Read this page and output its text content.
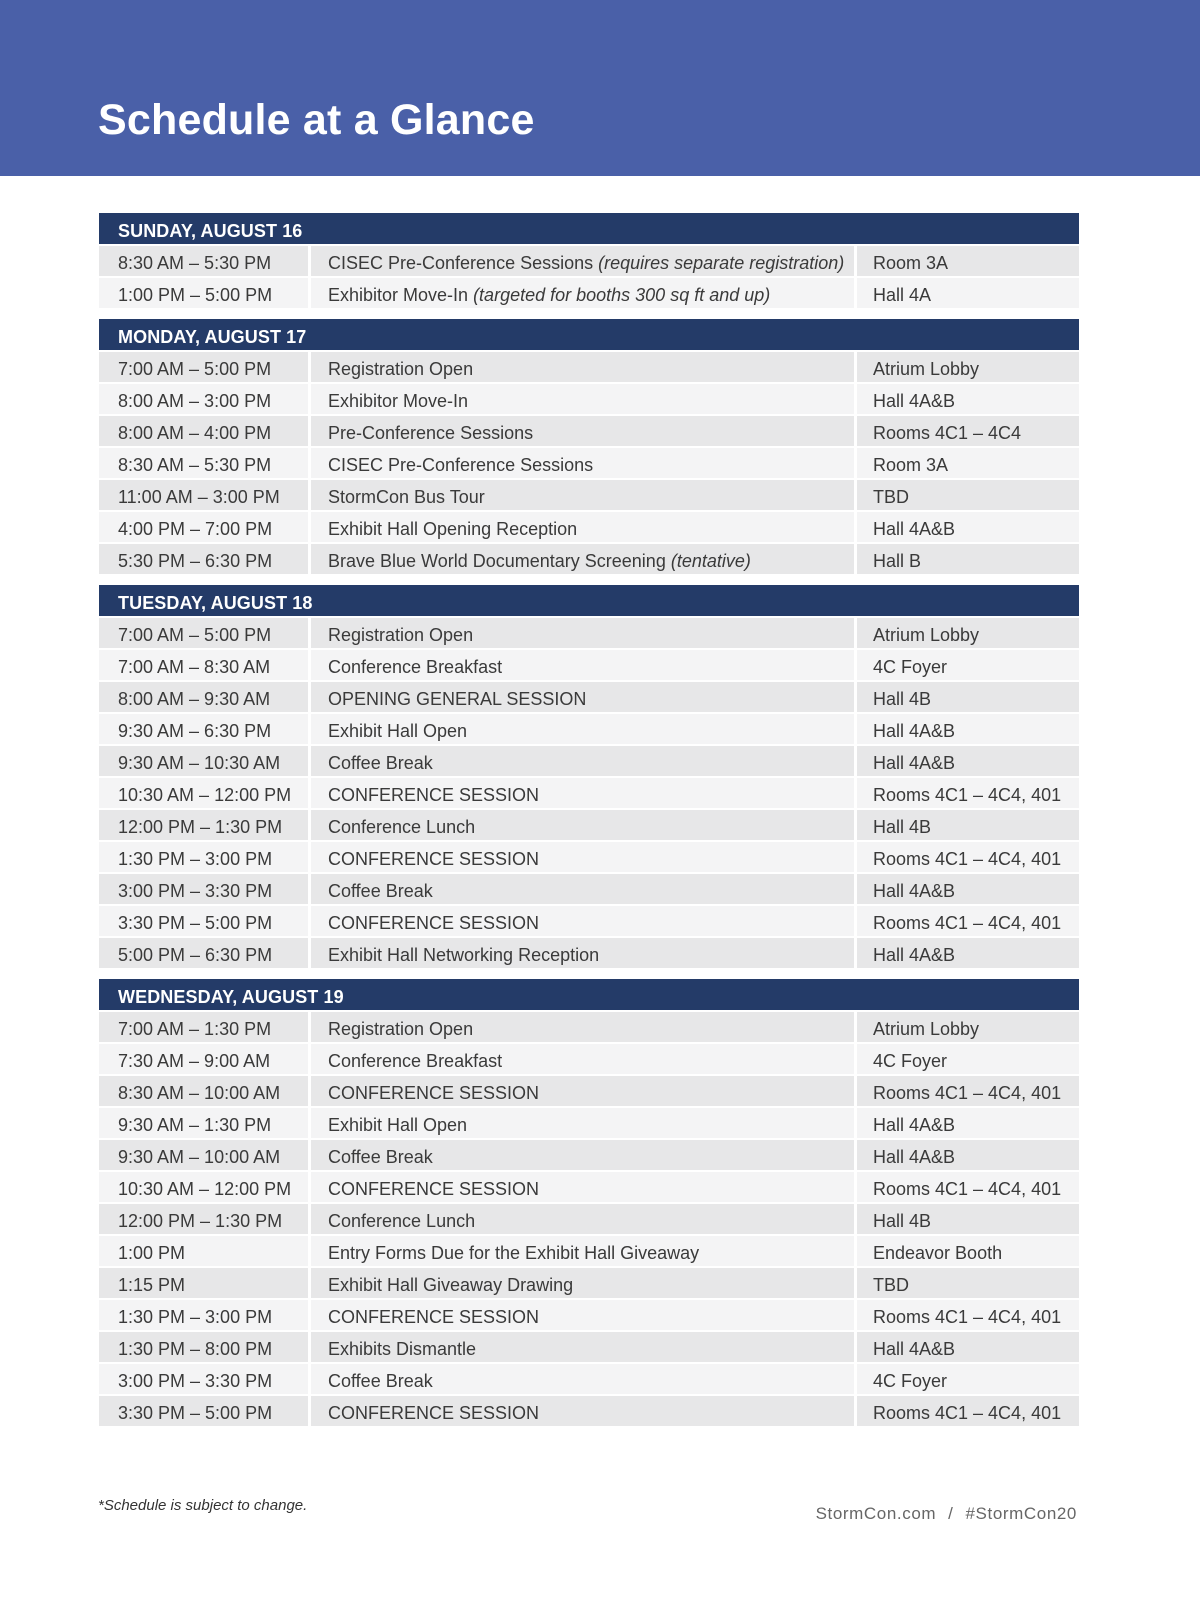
Schedule at a Glance
SUNDAY, AUGUST 16
8:30 AM – 5:30 PM	CISEC Pre-Conference Sessions (requires separate registration)	Room 3A
1:00 PM – 5:00 PM	Exhibitor Move-In (targeted for booths 300 sq ft and up)	Hall 4A
MONDAY, AUGUST 17
7:00 AM – 5:00 PM	Registration Open	Atrium Lobby
8:00 AM – 3:00 PM	Exhibitor Move-In	Hall 4A&B
8:00 AM – 4:00 PM	Pre-Conference Sessions	Rooms 4C1 – 4C4
8:30 AM – 5:30 PM	CISEC Pre-Conference Sessions	Room 3A
11:00 AM – 3:00 PM	StormCon Bus Tour	TBD
4:00 PM – 7:00 PM	Exhibit Hall Opening Reception	Hall 4A&B
5:30 PM – 6:30 PM	Brave Blue World Documentary Screening (tentative)	Hall B
TUESDAY, AUGUST 18
7:00 AM – 5:00 PM	Registration Open	Atrium Lobby
7:00 AM – 8:30 AM	Conference Breakfast	4C Foyer
8:00 AM – 9:30 AM	OPENING GENERAL SESSION	Hall 4B
9:30 AM – 6:30 PM	Exhibit Hall Open	Hall 4A&B
9:30 AM – 10:30 AM	Coffee Break	Hall 4A&B
10:30 AM – 12:00 PM	CONFERENCE SESSION	Rooms 4C1 – 4C4, 401
12:00 PM – 1:30 PM	Conference Lunch	Hall 4B
1:30 PM – 3:00 PM	CONFERENCE SESSION	Rooms 4C1 – 4C4, 401
3:00 PM – 3:30 PM	Coffee Break	Hall 4A&B
3:30 PM – 5:00 PM	CONFERENCE SESSION	Rooms 4C1 – 4C4, 401
5:00 PM – 6:30 PM	Exhibit Hall Networking Reception	Hall 4A&B
WEDNESDAY, AUGUST 19
7:00 AM – 1:30 PM	Registration Open	Atrium Lobby
7:30 AM – 9:00 AM	Conference Breakfast	4C Foyer
8:30 AM – 10:00 AM	CONFERENCE SESSION	Rooms 4C1 – 4C4, 401
9:30 AM – 1:30 PM	Exhibit Hall Open	Hall 4A&B
9:30 AM – 10:00 AM	Coffee Break	Hall 4A&B
10:30 AM – 12:00 PM	CONFERENCE SESSION	Rooms 4C1 – 4C4, 401
12:00 PM – 1:30 PM	Conference Lunch	Hall 4B
1:00 PM	Entry Forms Due for the Exhibit Hall Giveaway	Endeavor Booth
1:15 PM	Exhibit Hall Giveaway Drawing	TBD
1:30 PM – 3:00 PM	CONFERENCE SESSION	Rooms 4C1 – 4C4, 401
1:30 PM – 8:00 PM	Exhibits Dismantle	Hall 4A&B
3:00 PM – 3:30 PM	Coffee Break	4C Foyer
3:30 PM – 5:00 PM	CONFERENCE SESSION	Rooms 4C1 – 4C4, 401
*Schedule is subject to change.	StormCon.com / #StormCon20
